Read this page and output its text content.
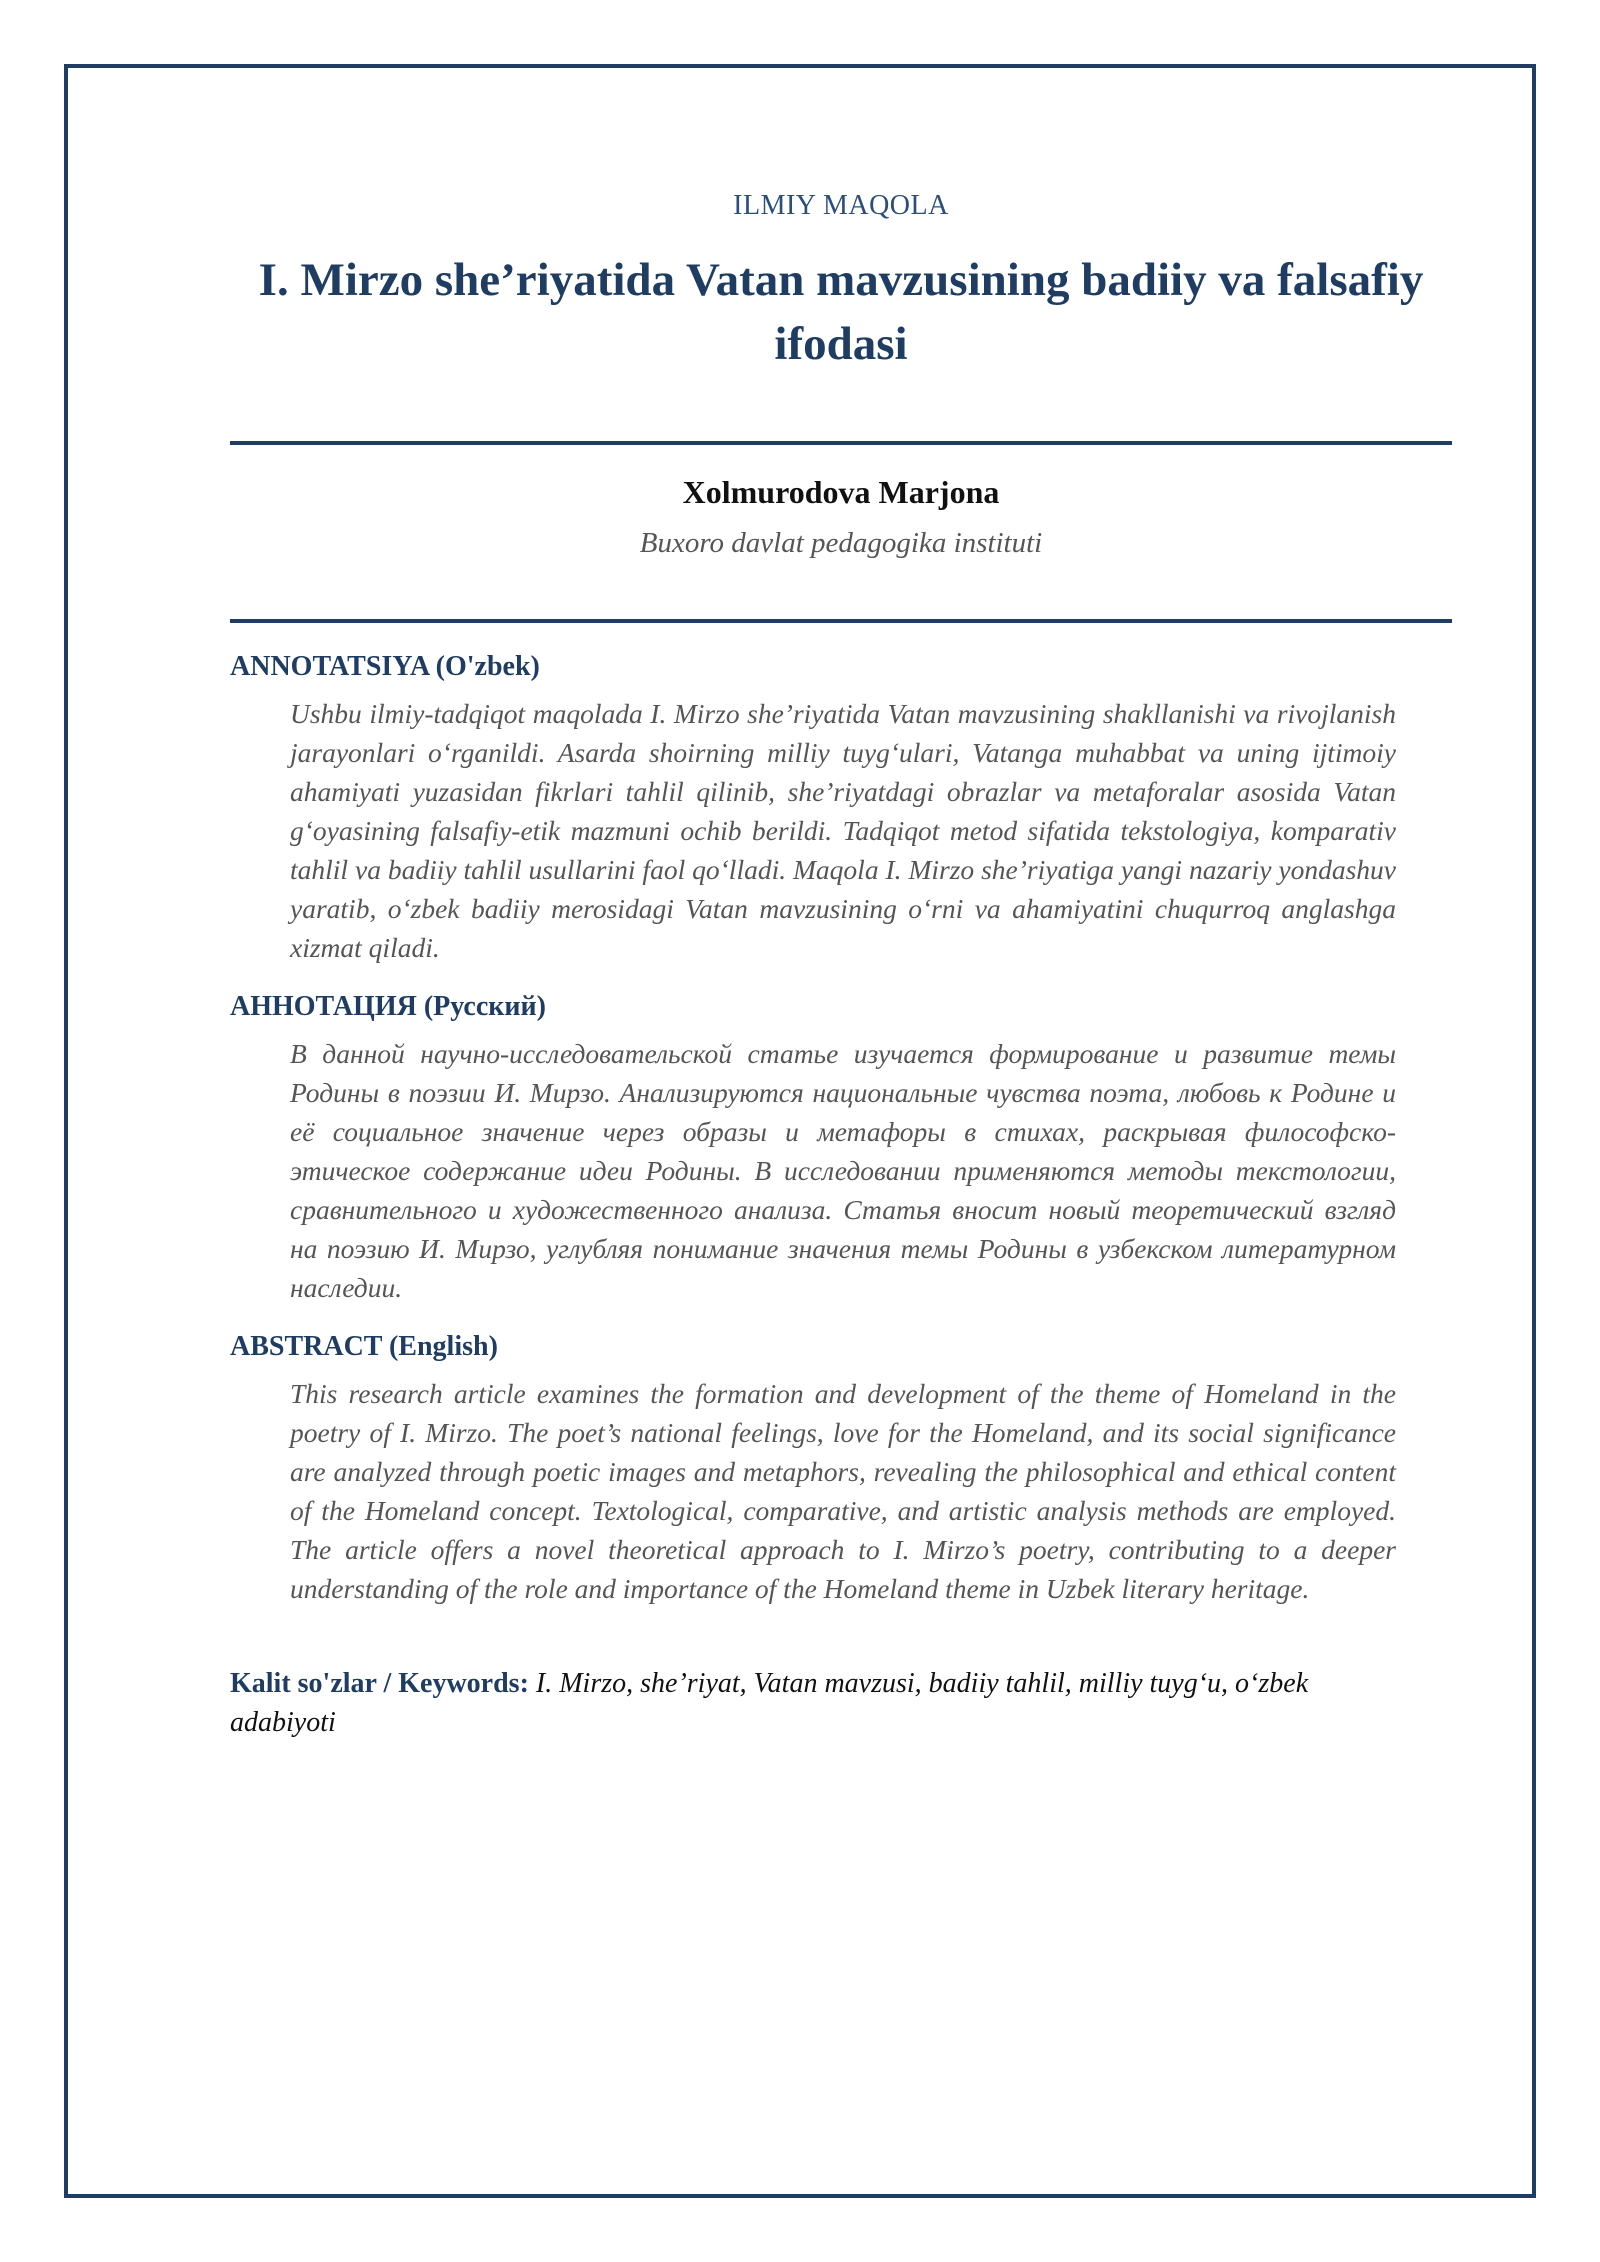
ILMIY MAQOLA
I. Mirzo she’riyatida Vatan mavzusining badiiy va falsafiy ifodasi
Xolmurodova Marjona
Buxoro davlat pedagogika instituti
ANNOTATSIYA (O'zbek)

Ushbu ilmiy-tadqiqot maqolada I. Mirzo she’riyatida Vatan mavzusining shakllanishi va rivojlanish jarayonlari o‘rganildi. Asarda shoirning milliy tuyg‘ulari, Vatanga muhabbat va uning ijtimoiy ahamiyati yuzasidan fikrlari tahlil qilinib, she’riyatdagi obrazlar va metaforalar asosida Vatan g‘oyasining falsafiy-etik mazmuni ochib berildi. Tadqiqot metod sifatida tekstologiya, komparativ tahlil va badiiy tahlil usullarini faol qo‘lladi. Maqola I. Mirzo she’riyatiga yangi nazariy yondashuv yaratib, o‘zbek badiiy merosidagi Vatan mavzusining o‘rni va ahamiyatini chuqurroq anglashga xizmat qiladi.

АННОТАЦИЯ (Русский)

В данной научно-исследовательской статье изучается формирование и развитие темы Родины в поэзии И. Мирзо. Анализируются национальные чувства поэта, любовь к Родине и её социальное значение через образы и метафоры в стихах, раскрывая философско-этическое содержание идеи Родины. В исследовании применяются методы текстологии, сравнительного и художественного анализа. Статья вносит новый теоретический взгляд на поэзию И. Мирзо, углубляя понимание значения темы Родины в узбекском литературном наследии.

ABSTRACT (English)

This research article examines the formation and development of the theme of Homeland in the poetry of I. Mirzo. The poet’s national feelings, love for the Homeland, and its social significance are analyzed through poetic images and metaphors, revealing the philosophical and ethical content of the Homeland concept. Textological, comparative, and artistic analysis methods are employed. The article offers a novel theoretical approach to I. Mirzo’s poetry, contributing to a deeper understanding of the role and importance of the Homeland theme in Uzbek literary heritage.

Kalit so'zlar / Keywords: I. Mirzo, she’riyat, Vatan mavzusi, badiiy tahlil, milliy tuyg‘u, o‘zbek adabiyoti
